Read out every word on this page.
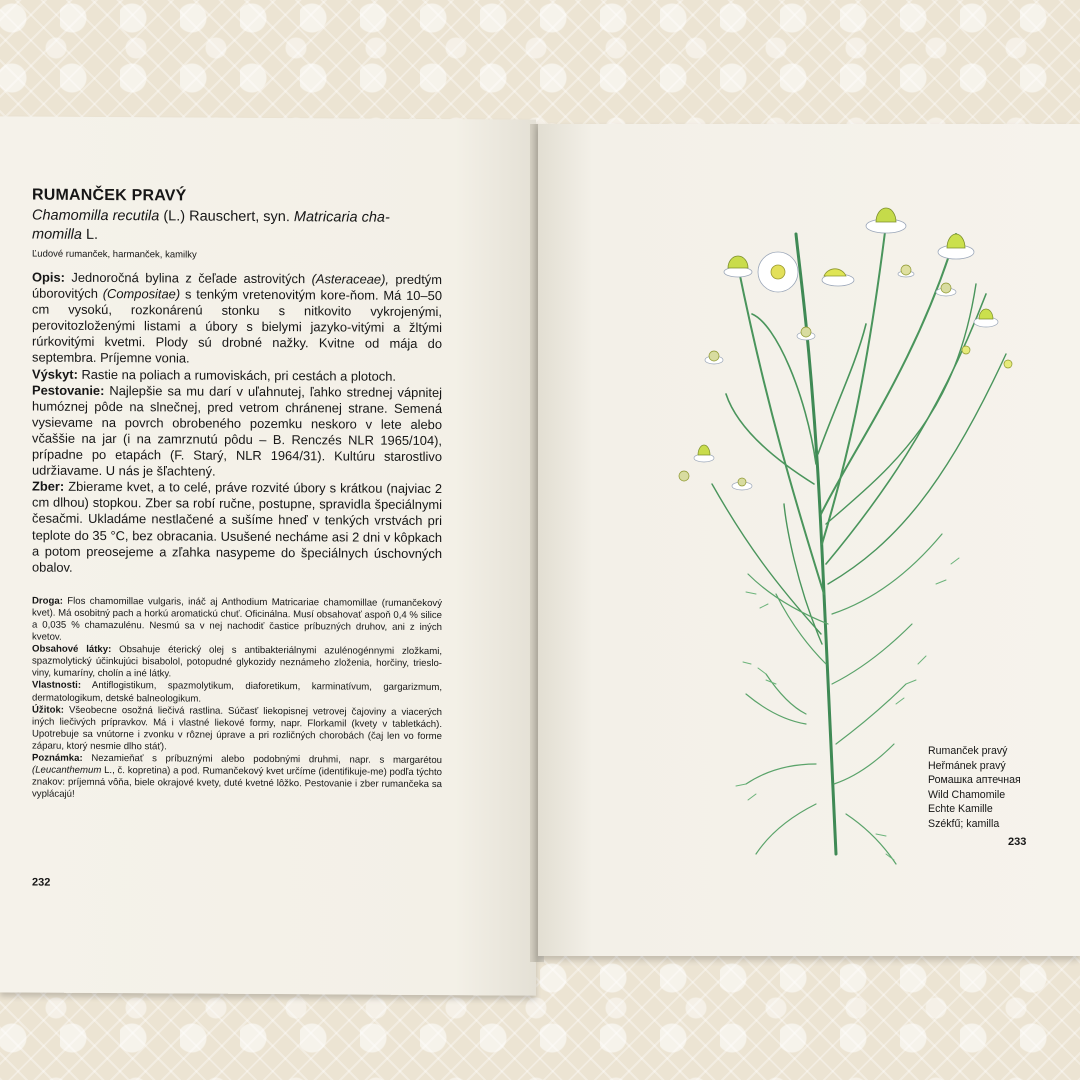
RUMANČEK PRAVÝ

Chamomilla recutila (L.) Rauschert, syn. Matricaria cha-
momilla L.

Ľudové rumanček, harmanček, kamilky

Opis: Jednoročná bylina z čeľade astrovitých (Asteraceae), predtým úborovitých (Compositae) s tenkým vretenovitým kore-ňom. Má 10–50 cm vysokú, rozkonárenú stonku s nitkovito vykrojenými, perovitozloženými listami a úbory s bielymi jazyko-vitými a žltými rúrkovitými kvetmi. Plody sú drobné nažky. Kvitne od mája do septembra. Príjemne vonia.

Výskyt: Rastie na poliach a rumoviskách, pri cestách a plotoch.

Pestovanie: Najlepšie sa mu darí v uľahnutej, ľahko strednej vápnitej humóznej pôde na slnečnej, pred vetrom chránenej strane. Semená vysievame na povrch obrobeného pozemku neskoro v lete alebo včaššie na jar (i na zamrznutú pôdu – B. Renczés NLR 1965/104), prípadne po etapách (F. Starý, NLR 1964/31). Kultúru starostlivo udržiavame. U nás je šľachtený.

Zber: Zbierame kvet, a to celé, práve rozvité úbory s krátkou (najviac 2 cm dlhou) stopkou. Zber sa robí ručne, postupne, spravidla špeciálnymi česačmi. Ukladáme nestlačené a sušíme hneď v tenkých vrstvách pri teplote do 35 °C, bez obracania. Usušené necháme asi 2 dni v kôpkach a potom preosejeme a zľahka nasypeme do špeciálnych úschovných obalov.

Droga: Flos chamomillae vulgaris, ináč aj Anthodium Matricariae chamomillae (rumančekový kvet). Má osobitný pach a horkú aromatickú chuť. Oficinálna. Musí obsahovať aspoň 0,4 % silice a 0,035 % chamazulénu. Nesmú sa v nej nachodiť častice príbuzných druhov, ani z iných kvetov.

Obsahové látky: Obsahuje éterický olej s antibakteriálnymi azulénogénnymi zložkami, spazmolytický účinkujúci bisabolol, potopudné glykozidy neznámeho zloženia, horčiny, triesloviny, kumaríny, cholín a iné látky.

Vlastnosti: Antiflogistikum, spazmolytikum, diaforetikum, karminatívum, gargarizmum, dermatologikum, detské balneologikum.

Úžitok: Všeobecne osožná liečivá rastlina. Súčasť liekopisnej vetrovej čajoviny a viacerých iných liečivých prípravkov. Má i vlastné liekové formy, napr. Florkamil (kvety v tabletkách). Upotrebuje sa vnútorne i zvonku v rôznej úprave a pri rozličných chorobách (čaj len vo forme záparu, ktorý nesmie dlho stáť).

Poznámka: Nezamieňať s príbuznými alebo podobnými druhmi, napr. s margarétou (Leucanthemum L., č. kopretina) a pod. Rumančekový kvet určíme (identifikuje-me) podľa týchto znakov: príjemná vôňa, biele okrajové kvety, duté kvetné lôžko. Pestovanie i zber rumančeka sa vyplácajú!

232
Rumanček pravý
Heřmánek pravý
Ромашка аптечная
Wild Chamomile
Echte Kamille
Székfű; kamilla
233
